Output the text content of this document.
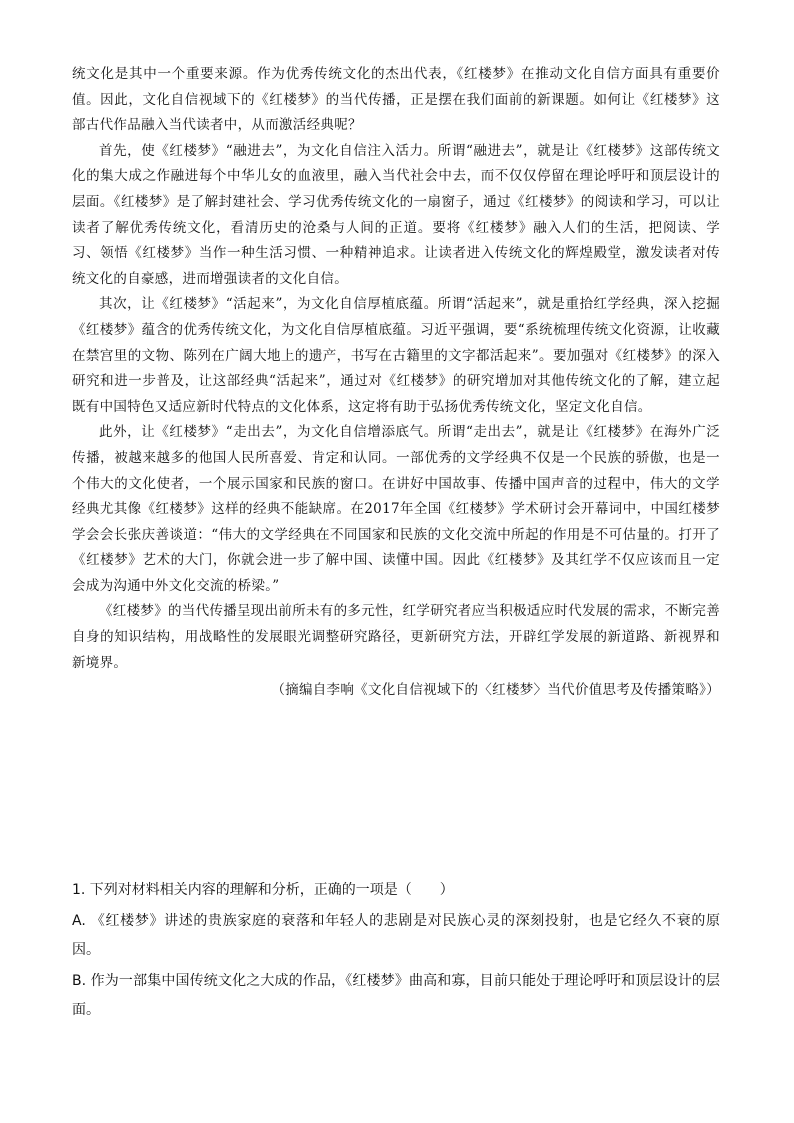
统文化是其中一个重要来源。作为优秀传统文化的杰出代表，《红楼梦》在推动文化自信方面具有重要价值。因此，文化自信视域下的《红楼梦》的当代传播，正是摆在我们面前的新课题。如何让《红楼梦》这部古代作品融入当代读者中，从而激活经典呢？

首先，使《红楼梦》“融进去”，为文化自信注入活力。所谓“融进去”，就是让《红楼梦》这部传统文化的集大成之作融进每个中华儿女的血液里，融入当代社会中去，而不仅仅停留在理论呼吁和顶层设计的层面。《红楼梦》是了解封建社会、学习优秀传统文化的一扇窗子，通过《红楼梦》的阅读和学习，可以让读者了解优秀传统文化，看清历史的沧桑与人间的正道。要将《红楼梦》融入人们的生活，把阅读、学习、领悟《红楼梦》当作一种生活习惯、一种精神追求。让读者进入传统文化的辉煌殿堂，激发读者对传统文化的自豪感，进而增强读者的文化自信。

其次，让《红楼梦》“活起来”，为文化自信厚植底蕴。所谓“活起来”，就是重拾红学经典，深入挖掘《红楼梦》蕴含的优秀传统文化，为文化自信厚植底蕴。习近平强调，要“系统梳理传统文化资源，让收藏在禁宫里的文物、陈列在广阔大地上的遗产，书写在古籍里的文字都活起来”。要加强对《红楼梦》的深入研究和进一步普及，让这部经典“活起来”，通过对《红楼梦》的研究增加对其他传统文化的了解，建立起既有中国特色又适应新时代特点的文化体系，这定将有助于弘扬优秀传统文化，坚定文化自信。

此外，让《红楼梦》“走出去”，为文化自信增添底气。所谓“走出去”，就是让《红楼梦》在海外广泛传播，被越来越多的他国人民所喜爱、肯定和认同。一部优秀的文学经典不仅是一个民族的骄傲，也是一个伟大的文化使者，一个展示国家和民族的窗口。在讲好中国故事、传播中国声音的过程中，伟大的文学经典尤其像《红楼梦》这样的经典不能缺席。在2017年全国《红楼梦》学术研讨会开幕词中，中国红楼梦学会会长张庆善谈道：“伟大的文学经典在不同国家和民族的文化交流中所起的作用是不可估量的。打开了《红楼梦》艺术的大门，你就会进一步了解中国、读懂中国。因此《红楼梦》及其红学不仅应该而且一定会成为沟通中外文化交流的桥梁。”

《红楼梦》的当代传播呈现出前所未有的多元性，红学研究者应当积极适应时代发展的需求，不断完善自身的知识结构，用战略性的发展眼光调整研究路径，更新研究方法，开辟红学发展的新道路、新视界和新境界。

（摘编自李响《文化自信视域下的〈红楼梦〉当代价值思考及传播策略》）

1. 下列对材料相关内容的理解和分析，正确的一项是（　　）

A. 《红楼梦》讲述的贵族家庭的衰落和年轻人的悲剧是对民族心灵的深刻投射，也是它经久不衰的原因。

B. 作为一部集中国传统文化之大成的作品，《红楼梦》曲高和寡，目前只能处于理论呼吁和顶层设计的层面。
